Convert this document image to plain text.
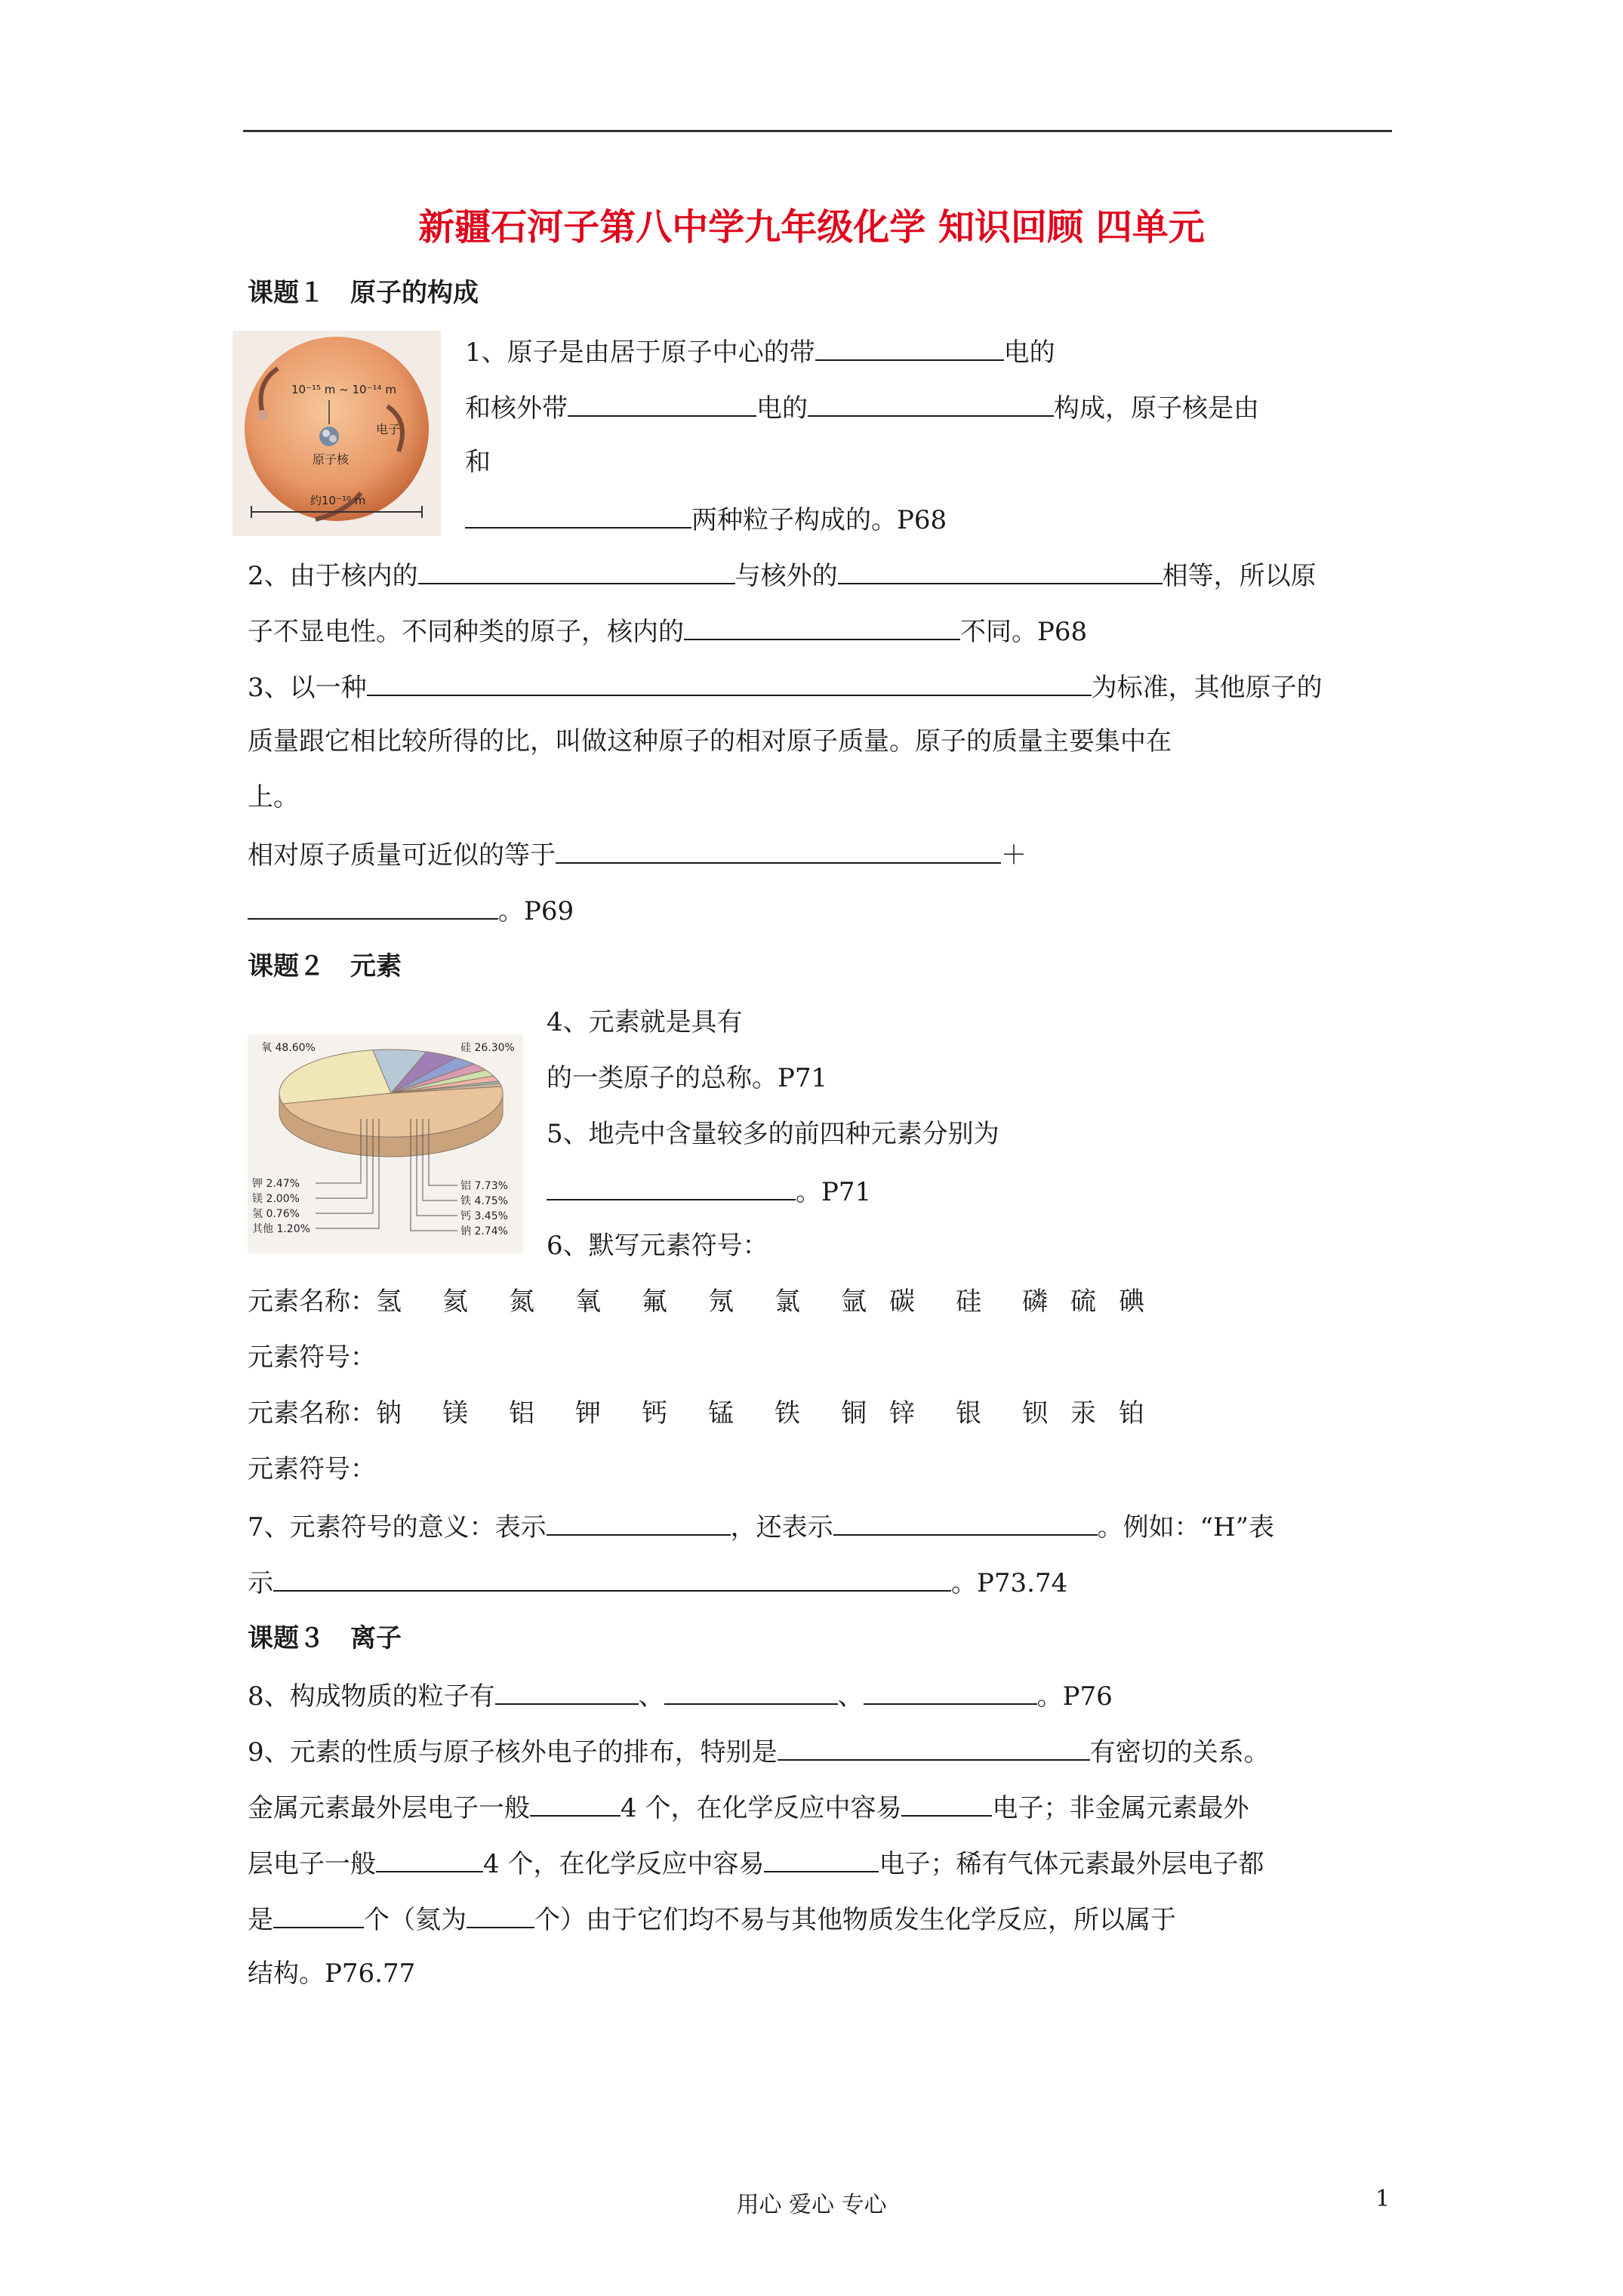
新疆石河子第八中学九年级化学 知识回顾 四单元
课题１　原子的构成
10⁻¹⁵ m ~ 10⁻¹⁴ m
原子核
电子
约10⁻¹⁰ m
1、原子是由居于原子中心的带	电的
和核外带	电的	构成，原子核是由
和
两种粒子构成的。P68
2、由于核内的	与核外的	相等，所以原
子不显电性。不同种类的原子，核内的	不同。P68
3、以一种	为标准，其他原子的
质量跟它相比较所得的比，叫做这种原子的相对原子质量。原子的质量主要集中在
上。
相对原子质量可近似的等于	＋
。P69
课题２　元素
氧 48.60%	硅 26.30%
铝 7.73%
铁 4.75%
钙 3.45%
钠 2.74%
钾 2.47%
镁 2.00%
氢 0.76%
其他 1.20%
4、元素就是具有
的一类原子的总称。P71
5、地壳中含量较多的前四种元素分别为
。P71
6、默写元素符号：
元素名称：氢 氦 氮 氧 氟 氖 氯 氩 碳 硅 磷 硫 碘
元素符号：
元素名称：钠 镁 铝 钾 钙 锰 铁 铜 锌 银 钡 汞 铂
元素符号：
7、元素符号的意义：表示	，还表示	。例如：“H”表
示	。P73.74
课题３　离子
8、构成物质的粒子有	、	、	。P76
9、元素的性质与原子核外电子的排布，特别是	有密切的关系。
金属元素最外层电子一般	4 个，在化学反应中容易	电子；非金属元素最外
层电子一般	4 个，在化学反应中容易	电子；稀有气体元素最外层电子都
是	个（氦为	个）由于它们均不易与其他物质发生化学反应，所以属于
结构。P76.77
用心 爱心 专心	1
